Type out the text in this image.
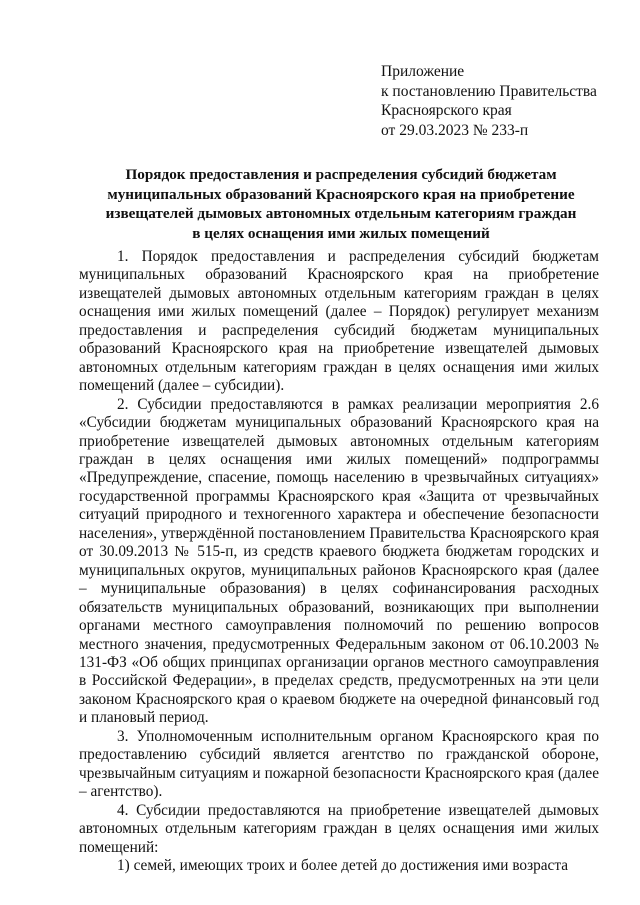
Приложение
к постановлению Правительства
Красноярского края
от 29.03.2023 № 233-п
Порядок предоставления и распределения субсидий бюджетам
муниципальных образований Красноярского края на приобретение
извещателей дымовых автономных отдельным категориям граждан
в целях оснащения ими жилых помещений

1. Порядок предоставления и распределения субсидий бюджетам муниципальных образований Красноярского края на приобретение извещателей дымовых автономных отдельным категориям граждан в целях оснащения ими жилых помещений (далее – Порядок) регулирует механизм предоставления и распределения субсидий бюджетам муниципальных образований Красноярского края на приобретение извещателей дымовых автономных отдельным категориям граждан в целях оснащения ими жилых помещений (далее – субсидии).

2. Субсидии предоставляются в рамках реализации мероприятия 2.6 «Субсидии бюджетам муниципальных образований Красноярского края на приобретение извещателей дымовых автономных отдельным категориям граждан в целях оснащения ими жилых помещений» подпрограммы «Предупреждение, спасение, помощь населению в чрезвычайных ситуациях» государственной программы Красноярского края «Защита от чрезвычайных ситуаций природного и техногенного характера и обеспечение безопасности населения», утверждённой постановлением Правительства Красноярского края от 30.09.2013 № 515-п, из средств краевого бюджета бюджетам городских и муниципальных округов, муниципальных районов Красноярского края (далее – муниципальные образования) в целях софинансирования расходных обязательств муниципальных образований, возникающих при выполнении органами местного самоуправления полномочий по решению вопросов местного значения, предусмотренных Федеральным законом от 06.10.2003 № 131-ФЗ «Об общих принципах организации органов местного самоуправления в Российской Федерации», в пределах средств, предусмотренных на эти цели законом Красноярского края о краевом бюджете на очередной финансовый год и плановый период.

3. Уполномоченным исполнительным органом Красноярского края по предоставлению субсидий является агентство по гражданской обороне, чрезвычайным ситуациям и пожарной безопасности Красноярского края (далее – агентство).

4. Субсидии предоставляются на приобретение извещателей дымовых автономных отдельным категориям граждан в целях оснащения ими жилых помещений:

1) семей, имеющих троих и более детей до достижения ими возраста
